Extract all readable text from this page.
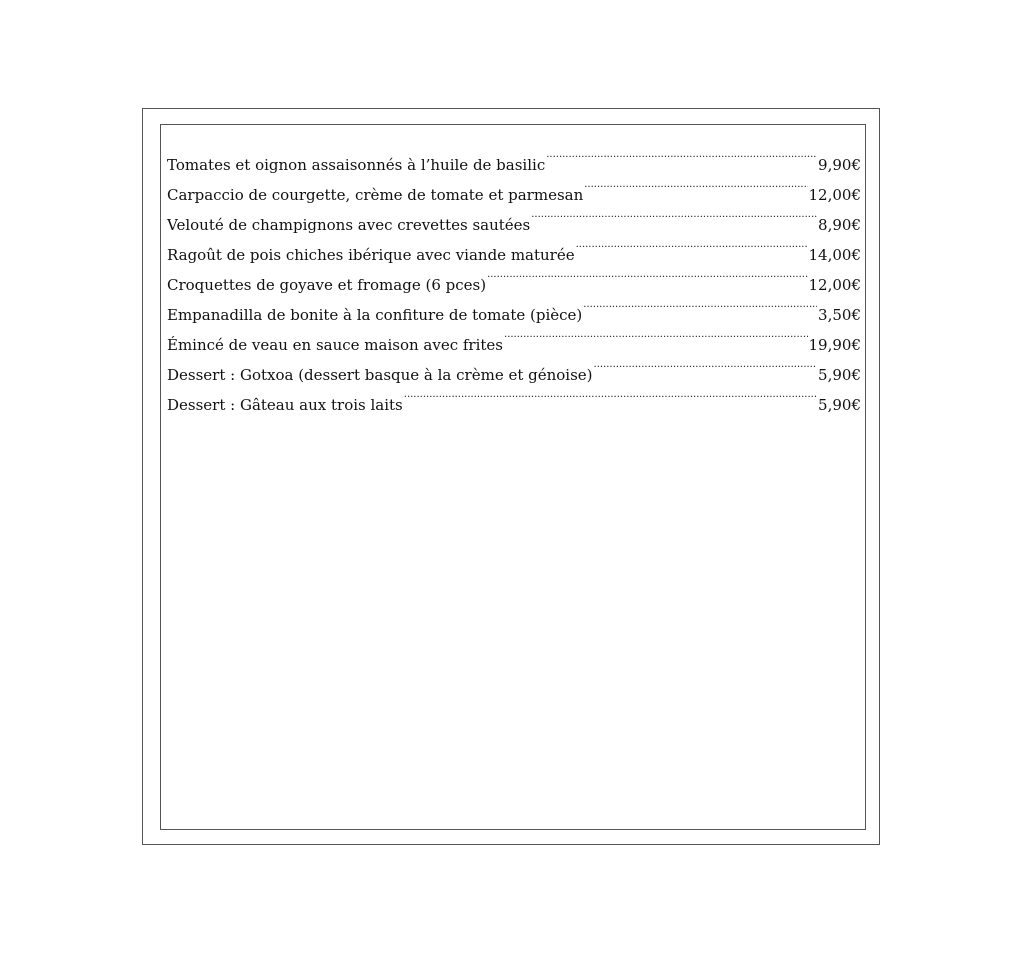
Tomates et oignon assaisonnés à l’huile de basilic .....	9,90€
Carpaccio de courgette, crème de tomate et parmesan .....	12,00€
Velouté de champignons avec crevettes sautées .....	8,90€
Ragoût de pois chiches ibérique avec viande maturée .....	14,00€
Croquettes de goyave et fromage (6 pces) .....	12,00€
Empanadilla de bonite à la confiture de tomate (pièce) .....	3,50€
Émincé de veau en sauce maison avec frites .....	19,90€
Dessert : Gotxoa (dessert basque à la crème et génoise) .....	5,90€
Dessert : Gâteau aux trois laits .....	5,90€
